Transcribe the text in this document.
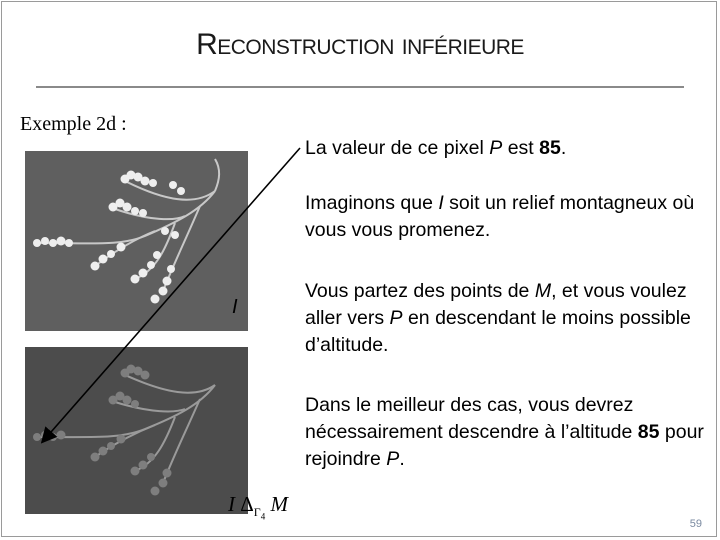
Reconstruction inférieure
Exemple 2d :
La valeur de ce pixel P est 85.
Imaginons que I soit un relief montagneux où vous vous promenez.
Vous partez des points de M, et vous voulez aller vers P en descendant le moins possible d’altitude.
Dans le meilleur des cas, vous devrez nécessairement descendre à l’altitude 85 pour rejoindre P.
I
I $\Delta_{\Gamma_4}$ M
59
